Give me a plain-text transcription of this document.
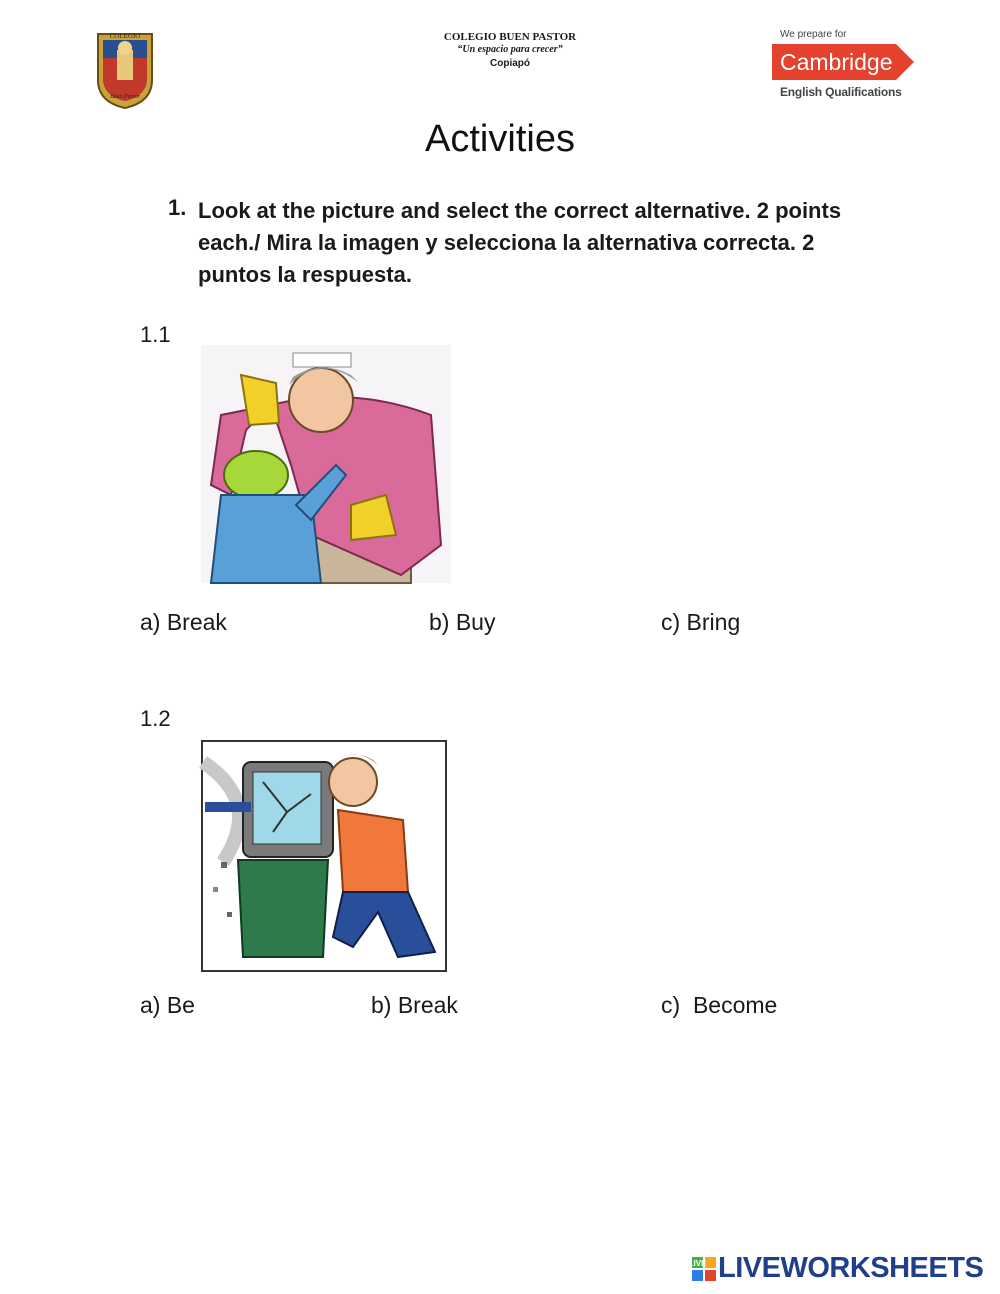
COLEGIO
Buen Pastor
COLEGIO BUEN PASTOR
“Un espacio para crecer”
Copiapó
We prepare for
Cambridge
English Qualifications
Activities
1. Look at the picture and select the correct alternative. 2 points each./ Mira la imagen y selecciona la alternativa correcta. 2 puntos la respuesta.
1.1
a) Break	b) Buy	c) Bring
1.2
a) Be	b) Break	c)  Become
LIVE LIVEWORKSHEETS
